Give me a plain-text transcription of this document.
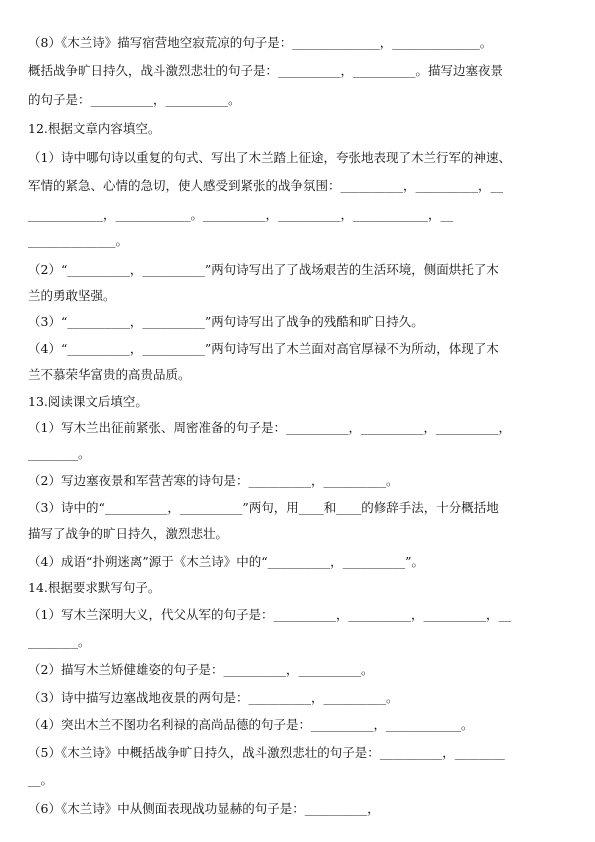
（8）《木兰诗》描写宿营地空寂荒凉的句子是：______________，______________。
概括战争旷日持久，战斗激烈悲壮的句子是：__________，__________。描写边塞夜景
的句子是：__________，__________。
12.根据文章内容填空。
（1）诗中哪句诗以重复的句式、写出了木兰踏上征途，夸张地表现了木兰行军的神速、
军情的紧急、心情的急切，使人感受到紧张的战争氛围：__________，__________，__
____________，____________。__________，__________，____________，__
______________。
（2）“__________，__________”两句诗写出了了战场艰苦的生活环境，侧面烘托了木
兰的勇敢坚强。
（3）“__________，__________”两句诗写出了战争的残酷和旷日持久。
（4）“__________，__________”两句诗写出了木兰面对高官厚禄不为所动，体现了木
兰不慕荣华富贵的高贵品质。
13.阅读课文后填空。
（1）写木兰出征前紧张、周密准备的句子是：__________，__________，__________，
________。
（2）写边塞夜景和军营苦寒的诗句是：__________，__________。
（3）诗中的“__________，__________”两句，用____和____的修辞手法，十分概括地
描写了战争的旷日持久，激烈悲壮。
（4）成语“扑朔迷离”源于《木兰诗》中的“__________，__________”。
14.根据要求默写句子。
（1）写木兰深明大义，代父从军的句子是：__________，__________，__________，__
________。
（2）描写木兰矫健雄姿的句子是：__________，__________。
（3）诗中描写边塞战地夜景的两句是：__________，__________。
（4）突出木兰不图功名利禄的高尚品德的句子是：__________，____________。
（5）《木兰诗》中概括战争旷日持久，战斗激烈悲壮的句子是：__________，________
__。
（6）《木兰诗》中从侧面表现战功显赫的句子是：__________，
